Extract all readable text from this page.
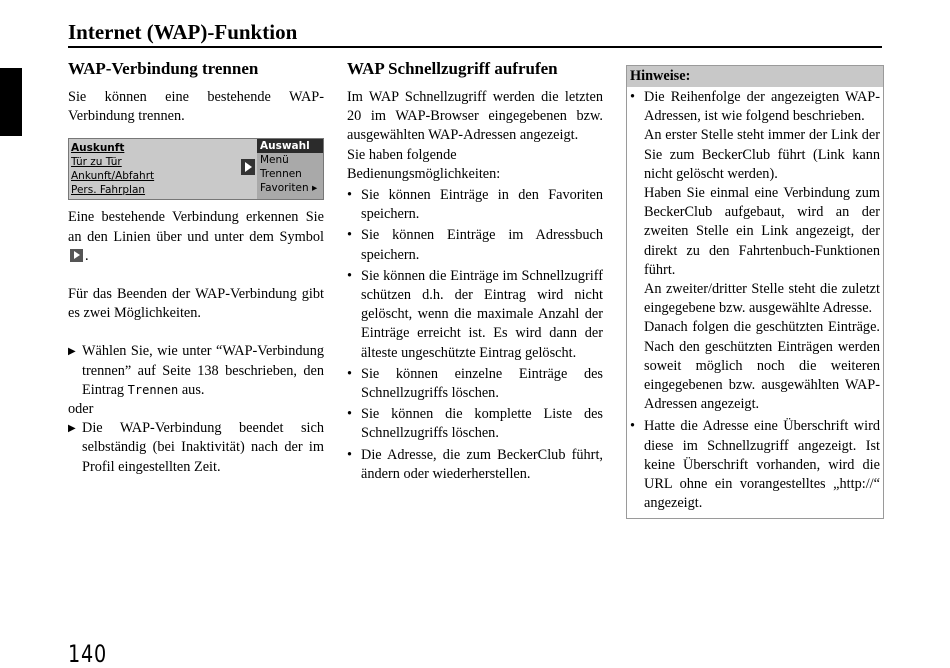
Internet (WAP)-Funktion
WAP-Verbindung trennen

Sie können eine bestehende WAP-Verbindung trennen.

Auskunft
Tür zu Tür
Ankunft/Abfahrt
Pers. Fahrplan
Auswahl
Menü
Trennen
Favoriten ▸

Eine bestehende Verbindung erkennen Sie an den Linien über und unter dem Symbol .

Für das Beenden der WAP-Verbindung gibt es zwei Möglichkeiten.

▶ Wählen Sie, wie unter “WAP-Verbindung trennen” auf Seite 138 beschrieben, den Eintrag Trennen aus.

oder

▶ Die WAP-Verbindung beendet sich selbständig (bei Inaktivität) nach der im Profil eingestellten Zeit.
WAP Schnellzugriff aufrufen

Im WAP Schnellzugriff werden die letzten 20 im WAP-Browser eingegebenen bzw. ausgewählten WAP-Adressen angezeigt.

Sie haben folgende Bedienungsmöglichkeiten:

• Sie können Einträge in den Favoriten speichern.
• Sie können Einträge im Adressbuch speichern.
• Sie können die Einträge im Schnellzugriff schützen d.h. der Eintrag wird nicht gelöscht, wenn die maximale Anzahl der Einträge erreicht ist. Es wird dann der älteste ungeschützte Eintrag gelöscht.
• Sie können einzelne Einträge des Schnellzugriffs löschen.
• Sie können die komplette Liste des Schnellzugriffs löschen.
• Die Adresse, die zum BeckerClub führt, ändern oder wiederherstellen.
Hinweise:
• Die Reihenfolge der angezeigten WAP-Adressen, ist wie folgend beschrieben.

An erster Stelle steht immer der Link der Sie zum BeckerClub führt (Link kann nicht gelöscht werden).

Haben Sie einmal eine Verbindung zum BeckerClub aufgebaut, wird an der zweiten Stelle ein Link angezeigt, der direkt zu den Fahrtenbuch-Funktionen führt.

An zweiter/dritter Stelle steht die zuletzt eingegebene bzw. ausgewählte Adresse.

Danach folgen die geschützten Einträge. Nach den geschützten Einträgen werden soweit möglich noch die weiteren eingegebenen bzw. ausgewählten WAP-Adressen angezeigt.

• Hatte die Adresse eine Überschrift wird diese im Schnellzugriff angezeigt. Ist keine Überschrift vorhanden, wird die URL ohne ein vorangestelltes „http://“ angezeigt.

140
